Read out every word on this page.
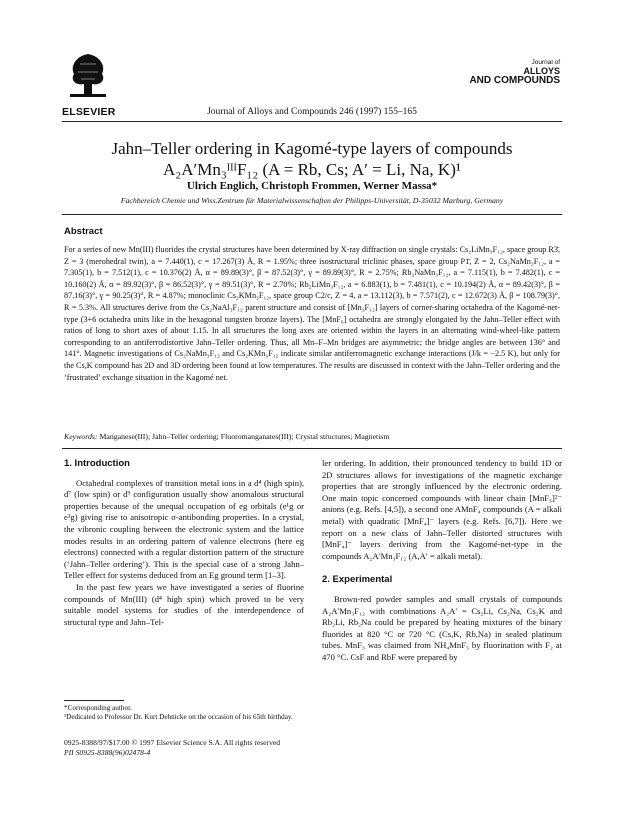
ELSEVIER	Journal of Alloys and Compounds 246 (1997) 155–165
Journal of
ALLOYS
AND COMPOUNDS
Jahn–Teller ordering in Kagomé-type layers of compounds
A₂A′Mn₃ᴵᴵᴵF₁₂ (A = Rb, Cs; A′ = Li, Na, K)¹
Ulrich Englich, Christoph Frommen, Werner Massa*
Fachbereich Chemie und Wiss.Zentrum für Materialwissenschaften der Philipps-Universität, D-35032 Marburg, Germany
Abstract
For a series of new Mn(III) fluorides the crystal structures have been determined by X-ray diffraction on single crystals: Cs₂LiMn₃F₁₂, space group R3̄, Z = 3 (merohedral twin), a = 7.440(1), c = 17.267(3) Å, R = 1.95%; three isostructural triclinic phases, space group P1̄, Z = 2, Cs₂NaMn₃F₁₂, a = 7.305(1), b = 7.512(1), c = 10.376(2) Å, α = 89.89(3)°, β = 87.52(3)°, γ = 89.89(3)°, R = 2.75%; Rb₂NaMn₃F₁₂, a = 7.115(1), b = 7.482(1), c = 10.160(2) Å, α = 89.92(3)°, β = 86.52(3)°, γ = 89.51(3)°, R = 2.70%; Rb₂LiMn₃F₁₂, a = 6.883(1), b = 7.481(1), c = 10.194(2) Å, α = 89.42(3)°, β = 87.16(3)°, γ = 90.25(3)°, R = 4.87%; monoclinic Cs₂KMn₃F₁₂, space group C2/c, Z = 4, a = 13.112(3), b = 7.571(2), c = 12.672(3) Å, β = 108.79(3)°, R = 5.3%. All structures derive from the Cs₂NaAl₃F₁₂ parent structure and consist of [Mn₃F₁₂] layers of corner-sharing octahedra of the Kagomé-net-type (3+6 octahedra units like in the hexagonal tungsten bronze layers). The [MnF₆] octahedra are strongly elongated by the Jahn–Teller effect with ratios of long to short axes of about 1.15. In all structures the long axes are oriented within the layers in an alternating wind-wheel-like pattern corresponding to an antiferrodistortive Jahn–Teller ordering. Thus, all Mn–F–Mn bridges are asymmetric; the bridge angles are between 136° and 141°. Magnetic investigations of Cs₂NaMn₃F₁₂ and Cs₂KMn₃F₁₂ indicate similar antiferromagnetic exchange interactions (J/k = −2.5 K), but only for the Cs,K compound has 2D and 3D ordering been found at low temperatures. The results are discussed in context with the Jahn–Teller ordering and the ‘frustrated’ exchange situation in the Kagomé net.
Keywords: Manganese(III); Jahn–Teller ordering; Fluoromanganates(III); Crystal structures; Magnetism
1. Introduction

Octahedral complexes of transition metal ions in a d⁴ (high spin), d⁷ (low spin) or d⁹ configuration usually show anomalous structural properties because of the unequal occupation of eg orbitals (e¹g or e³g) giving rise to anisotropic σ-antibonding properties. In a crystal, the vibronic coupling between the electronic system and the lattice modes results in an ordering pattern of valence electrons (here eg electrons) connected with a regular distortion pattern of the structure (‘Jahn–Teller ordering’). This is the special case of a strong Jahn–Teller effect for systems deduced from an Eg ground term [1–3].

In the past few years we have investigated a series of fluorine compounds of Mn(III) (d⁴ high spin) which proved to be very suitable model systems for studies of the interdependence of structural type and Jahn–Tel-

*Corresponding author.

¹Dedicated to Professor Dr. Kurt Dehnicke on the occasion of his 65th birthday.

ler ordering. In addition, their pronounced tendency to build 1D or 2D structures allows for investigations of the magnetic exchange properties that are strongly influenced by the electronic ordering. One main topic concerned compounds with linear chain [MnF₅]²⁻ anions (e.g. Refs. [4,5]), a second one AMnF₄ compounds (A = alkali metal) with quadratic [MnF₄]⁻ layers (e.g. Refs. [6,7]). Here we report on a new class of Jahn–Teller distorted structures with [MnF₄]⁻ layers deriving from the Kagomé-net-type in the compounds A₂A′Mn₃F₁₂ (A,A′ = alkali metal).

2. Experimental

Brown-red powder samples and small crystals of compounds A₂A′Mn₃F₁₂ with combinations A₂A′ = Cs₂Li, Cs₂Na, Cs₂K and Rb₂Li, Rb₂Na could be prepared by heating mixtures of the binary fluorides at 820 °C or 720 °C (Cs,K, Rb,Na) in sealed platinum tubes. MnF₃ was claimed from NH₄MnF₅ by fluorination with F₂ at 470 °C. CsF and RbF were prepared by

0925-8388/97/$17.00 © 1997 Elsevier Science S.A. All rights reserved
PII S0925-8388(96)02478-4
